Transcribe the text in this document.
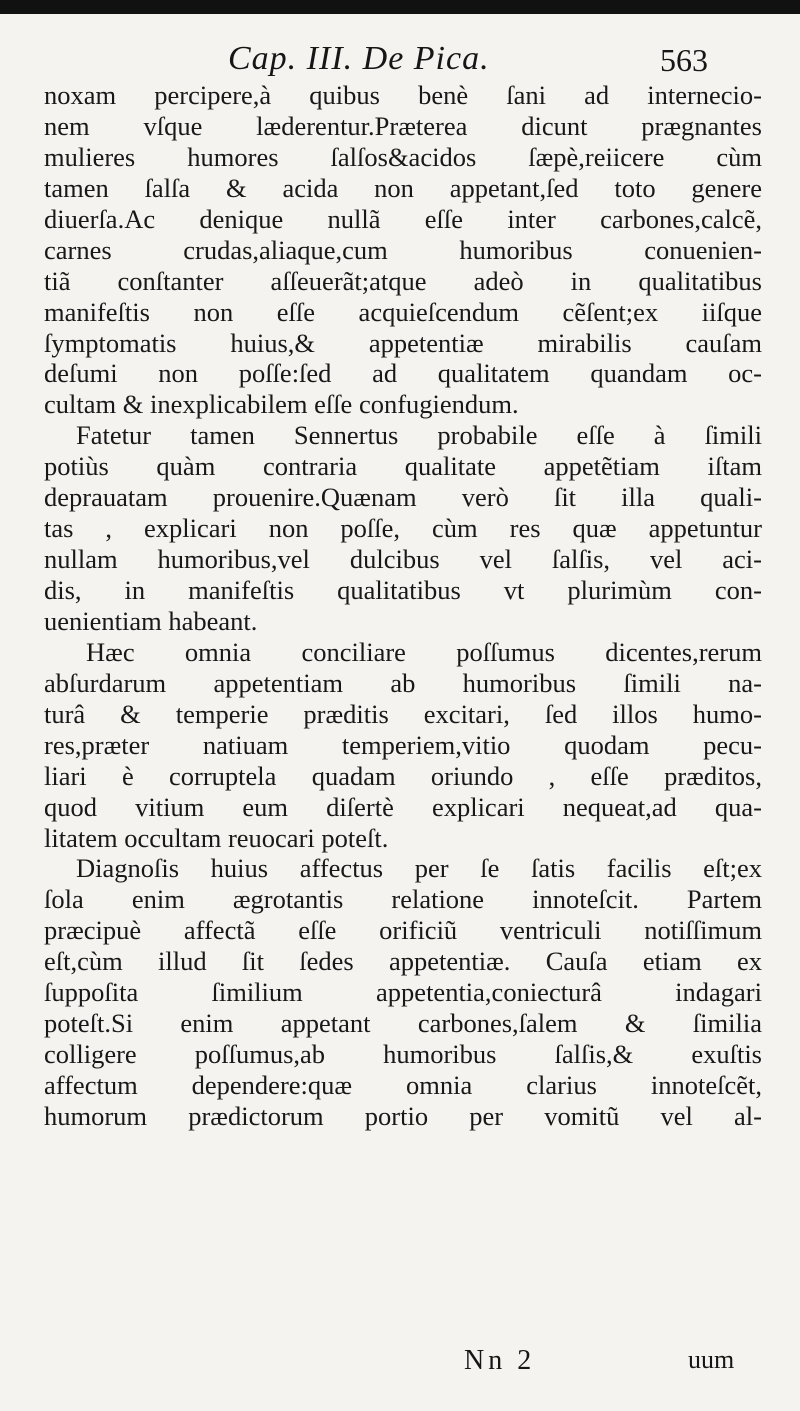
Cap. III. De Pica.	563
noxam percipere,à quibus benè ſani ad internecio-
nem vſque læderentur.Præterea dicunt prægnantes
mulieres humores ſalſos&acidos ſæpè,reiicere cùm
tamen ſalſa & acida non appetant,ſed toto genere
diuerſa.Ac denique nullã eſſe inter carbones,calcẽ,
carnes crudas,aliaque,cum humoribus conuenien-
tiã conſtanter aſſeuerãt;atque adeò in qualitatibus
manifeſtis non eſſe acquieſcendum cẽſent;ex iiſque
ſymptomatis huius,& appetentiæ mirabilis cauſam
deſumi non poſſe:ſed ad qualitatem quandam oc-
cultam & inexplicabilem eſſe confugiendum.
Fatetur tamen Sennertus probabile eſſe à ſimili
potiùs quàm contraria qualitate appetẽtiam iſtam
deprauatam prouenire.Quænam verò ſit illa quali-
tas , explicari non poſſe, cùm res quæ appetuntur
nullam humoribus,vel dulcibus vel ſalſis, vel aci-
dis, in manifeſtis qualitatibus vt plurimùm con-
uenientiam habeant.
Hæc omnia conciliare poſſumus dicentes,rerum
abſurdarum appetentiam ab humoribus ſimili na-
turâ & temperie præditis excitari, ſed illos humo-
res,præter natiuam temperiem,vitio quodam pecu-
liari è corruptela quadam oriundo , eſſe præditos,
quod vitium eum diſertè explicari nequeat,ad qua-
litatem occultam reuocari poteſt.
Diagnoſis huius affectus per ſe ſatis facilis eſt;ex
ſola enim ægrotantis relatione innoteſcit. Partem
præcipuè affectã eſſe orificiũ ventriculi notiſſimum
eſt,cùm illud ſit ſedes appetentiæ. Cauſa etiam ex
ſuppoſita ſimilium appetentia,coniecturâ indagari
poteſt.Si enim appetant carbones,ſalem & ſimilia
colligere poſſumus,ab humoribus ſalſis,& exuſtis
affectum dependere:quæ omnia clarius innoteſcẽt,
humorum prædictorum portio per vomitũ vel al-
Nn 2	uum
